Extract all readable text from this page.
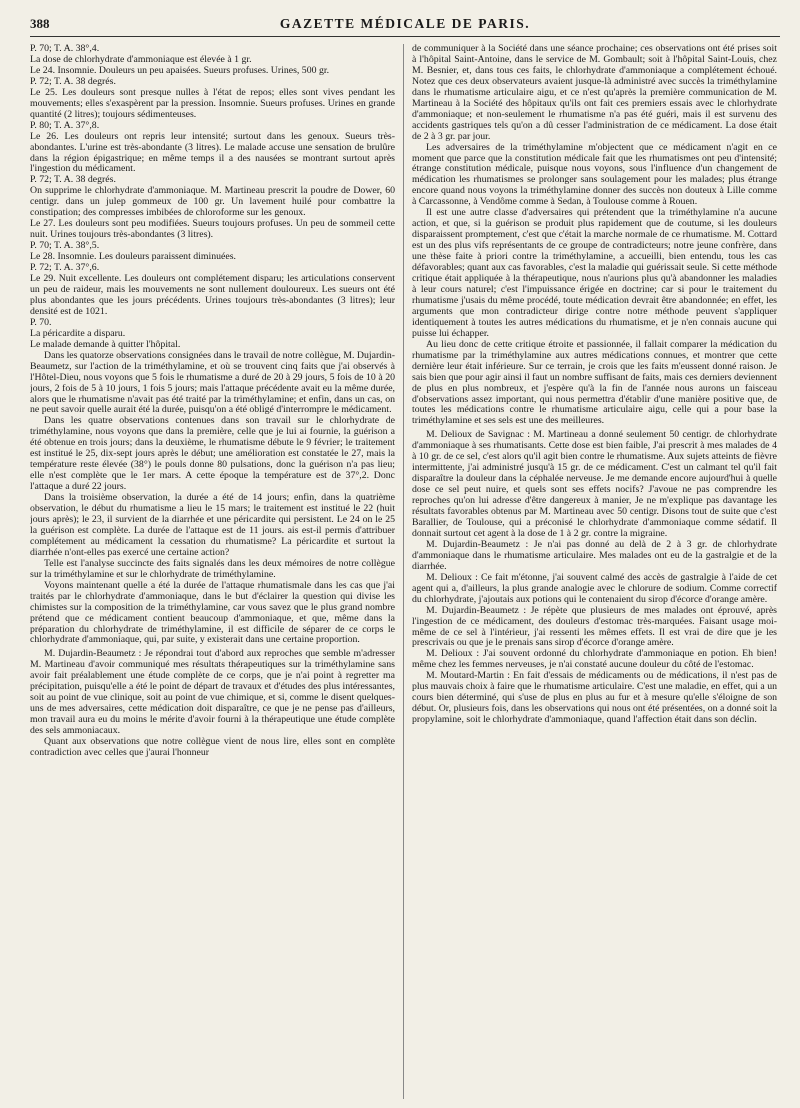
388	GAZETTE MÉDICALE DE PARIS.

P. 70; T. A. 38°,4.

La dose de chlorhydrate d'ammoniaque est élevée à 1 gr.

Le 24. Insomnie. Douleurs un peu apaisées. Sueurs profuses. Urines, 500 gr.

P. 72; T. A. 38 degrés.

Le 25. Les douleurs sont presque nulles à l'état de repos; elles sont vives pendant les mouvements; elles s'exaspèrent par la pression. Insomnie. Sueurs profuses. Urines en grande quantité (2 litres); toujours sédimenteuses.

P. 80; T. A. 37°,8.

Le 26. Les douleurs ont repris leur intensité; surtout dans les genoux. Sueurs très-abondantes. L'urine est très-abondante (3 litres). Le malade accuse une sensation de brulûre dans la région épigastrique; en même temps il a des nausées se montrant surtout après l'ingestion du médicament.

P. 72; T. A. 38 degrés.

On supprime le chlorhydrate d'ammoniaque. M. Martineau prescrit la poudre de Dower, 60 centigr. dans un julep gommeux de 100 gr. Un lavement huilé pour combattre la constipation; des compresses imbibées de chloroforme sur les genoux.

Le 27. Les douleurs sont peu modifiées. Sueurs toujours profuses. Un peu de sommeil cette nuit. Urines toujours très-abondantes (3 litres).

P. 70; T. A. 38°,5.

Le 28. Insomnie. Les douleurs paraissent diminuées.

P. 72; T. A. 37°,6.

Le 29. Nuit excellente. Les douleurs ont complétement disparu; les articulations conservent un peu de raideur, mais les mouvements ne sont nullement douloureux. Les sueurs ont été plus abondantes que les jours précédents. Urines toujours très-abondantes (3 litres); leur densité est de 1021.

P. 70.

La péricardite a disparu.

Le malade demande à quitter l'hôpital.

Dans les quatorze observations consignées dans le travail de notre collègue, M. Dujardin-Beaumetz, sur l'action de la triméthylamine, et où se trouvent cinq faits que j'ai observés à l'Hôtel-Dieu, nous voyons que 5 fois le rhumatisme a duré de 20 à 29 jours, 5 fois de 10 à 20 jours, 2 fois de 5 à 10 jours, 1 fois 5 jours; mais l'attaque précédente avait eu la même durée, alors que le rhumatisme n'avait pas été traité par la triméthylamine; et enfin, dans un cas, on ne peut savoir quelle aurait été la durée, puisqu'on a été obligé d'interrompre le médicament.

Dans les quatre observations contenues dans son travail sur le chlorhydrate de triméthylamine, nous voyons que dans la première, celle que je lui ai fournie, la guérison a été obtenue en trois jours; dans la deuxième, le rhumatisme débute le 9 février; le traitement est institué le 25, dix-sept jours après le début; une amélioration est constatée le 27, mais la température reste élevée (38°) le pouls donne 80 pulsations, donc la guérison n'a pas lieu; elle n'est complète que le 1er mars. A cette époque la température est de 37°,2. Donc l'attaque a duré 22 jours.

Dans la troisième observation, la durée a été de 14 jours; enfin, dans la quatrième observation, le début du rhumatisme a lieu le 15 mars; le traitement est institué le 22 (huit jours après); le 23, il survient de la diarrhée et une péricardite qui persistent. Le 24 on le 25 la guérison est complète. La durée de l'attaque est de 11 jours. ais est-il permis d'attribuer complétement au médicament la cessation du rhumatisme? La péricardite et surtout la diarrhée n'ont-elles pas exercé une certaine action?

Telle est l'analyse succincte des faits signalés dans les deux mémoires de notre collègue sur la triméthylamine et sur le chlorhydrate de triméthylamine.

Voyons maintenant quelle a été la durée de l'attaque rhumatismale dans les cas que j'ai traités par le chlorhydrate d'ammoniaque, dans le but d'éclairer la question qui divise les chimistes sur la composition de la triméthylamine, car vous savez que le plus grand nombre prétend que ce médicament contient beaucoup d'ammoniaque, et que, même dans la préparation du chlorhydrate de triméthylamine, il est difficile de séparer de ce corps le chlorhydrate d'ammoniaque, qui, par suite, y existerait dans une certaine proportion.

M. Dujardin-Beaumetz : Je répondrai tout d'abord aux reproches que semble m'adresser M. Martineau d'avoir communiqué mes résultats thérapeutiques sur la triméthylamine sans avoir fait préalablement une étude complète de ce corps, que je n'ai point à regretter ma précipitation, puisqu'elle a été le point de départ de travaux et d'études des plus intéressantes, soit au point de vue clinique, soit au point de vue chimique, et si, comme le disent quelques-uns de mes adversaires, cette médication doit disparaître, ce que je ne pense pas d'ailleurs, mon travail aura eu du moins le mérite d'avoir fourni à la thérapeutique une étude complète des sels ammoniacaux.

Quant aux observations que notre collègue vient de nous lire, elles sont en complète contradiction avec celles que j'aurai l'honneur

de communiquer à la Société dans une séance prochaine; ces observations ont été prises soit à l'hôpital Saint-Antoine, dans le service de M. Gombault; soit à l'hôpital Saint-Louis, chez M. Besnier, et, dans tous ces faits, le chlorhydrate d'ammoniaque a complétement échoué. Notez que ces deux observateurs avaient jusque-là administré avec succès la triméthylamine dans le rhumatisme articulaire aigu, et ce n'est qu'après la première communication de M. Martineau à la Société des hôpitaux qu'ils ont fait ces premiers essais avec le chlorhydrate d'ammoniaque; et non-seulement le rhumatisme n'a pas été guéri, mais il est survenu des accidents gastriques tels qu'on a dû cesser l'administration de ce médicament. La dose était de 2 à 3 gr. par jour.

Les adversaires de la triméthylamine m'objectent que ce médicament n'agit en ce moment que parce que la constitution médicale fait que les rhumatismes ont peu d'intensité; étrange constitution médicale, puisque nous voyons, sous l'influence d'un changement de médication les rhumatismes se prolonger sans soulagement pour les malades; plus étrange encore quand nous voyons la triméthylamine donner des succès non douteux à Lille comme à Carcassonne, à Vendôme comme à Sedan, à Toulouse comme à Rouen.

Il est une autre classe d'adversaires qui prétendent que la triméthylamine n'a aucune action, et que, si la guérison se produit plus rapidement que de coutume, si les douleurs disparaissent promptement, c'est que c'était la marche normale de ce rhumatisme. M. Cottard est un des plus vifs représentants de ce groupe de contradicteurs; notre jeune confrère, dans une thèse faite à priori contre la triméthylamine, a accueilli, bien entendu, tous les cas défavorables; quant aux cas favorables, c'est la maladie qui guérissait seule. Si cette méthode critique était appliquée à la thérapeutique, nous n'aurions plus qu'à abandonner les maladies à leur cours naturel; c'est l'impuissance érigée en doctrine; car si pour le traitement du rhumatisme j'usais du même procédé, toute médication devrait être abandonnée; en effet, les arguments que mon contradicteur dirige contre notre méthode peuvent s'appliquer identiquement à toutes les autres médications du rhumatisme, et je n'en connais aucune qui puisse lui échapper.

Au lieu donc de cette critique étroite et passionnée, il fallait comparer la médication du rhumatisme par la triméthylamine aux autres médications connues, et montrer que cette dernière leur était inférieure. Sur ce terrain, je crois que les faits m'eussent donné raison. Je sais bien que pour agir ainsi il faut un nombre suffisant de faits, mais ces derniers deviennent de plus en plus nombreux, et j'espère qu'à la fin de l'année nous aurons un faisceau d'observations assez important, qui nous permettra d'établir d'une manière positive que, de toutes les médications contre le rhumatisme articulaire aigu, celle qui a pour base la triméthylamine et ses sels est une des meilleures.

M. Delioux de Savignac : M. Martineau a donné seulement 50 centigr. de chlorhydrate d'ammoniaque à ses rhumatisants. Cette dose est bien faible, J'ai prescrit à mes malades de 4 à 10 gr. de ce sel, c'est alors qu'il agit bien contre le rhumatisme. Aux sujets atteints de fièvre intermittente, j'ai administré jusqu'à 15 gr. de ce médicament. C'est un calmant tel qu'il fait disparaître la douleur dans la céphalée nerveuse. Je me demande encore aujourd'hui à quelle dose ce sel peut nuire, et quels sont ses effets nocifs? J'avoue ne pas comprendre les reproches qu'on lui adresse d'être dangereux à manier, Je ne m'explique pas davantage les résultats favorables obtenus par M. Martineau avec 50 centigr. Disons tout de suite que c'est Barallier, de Toulouse, qui a préconisé le chlorhydrate d'ammoniaque comme sédatif. Il donnait surtout cet agent à la dose de 1 à 2 gr. contre la migraine.

M. Dujardin-Beaumetz : Je n'ai pas donné au delà de 2 à 3 gr. de chlorhydrate d'ammoniaque dans le rhumatisme articulaire. Mes malades ont eu de la gastralgie et de la diarrhée.

M. Delioux : Ce fait m'étonne, j'ai souvent calmé des accès de gastralgie à l'aide de cet agent qui a, d'ailleurs, la plus grande analogie avec le chlorure de sodium. Comme correctif du chlorhydrate, j'ajoutais aux potions qui le contenaient du sirop d'écorce d'orange amère.

M. Dujardin-Beaumetz : Je répète que plusieurs de mes malades ont éprouvé, après l'ingestion de ce médicament, des douleurs d'estomac très-marquées. Faisant usage moi-même de ce sel à l'intérieur, j'ai ressenti les mêmes effets. Il est vrai de dire que je les prescrivais ou que je le prenais sans sirop d'écorce d'orange amère.

M. Delioux : J'ai souvent ordonné du chlorhydrate d'ammoniaque en potion. Eh bien! même chez les femmes nerveuses, je n'ai constaté aucune douleur du côté de l'estomac.

M. Moutard-Martin : En fait d'essais de médicaments ou de médications, il n'est pas de plus mauvais choix à faire que le rhumatisme articulaire. C'est une maladie, en effet, qui a un cours bien déterminé, qui s'use de plus en plus au fur et à mesure qu'elle s'éloigne de son début. Or, plusieurs fois, dans les observations qui nous ont été présentées, on a donné soit la propylamine, soit le chlorhydrate d'ammoniaque, quand l'affection était dans son déclin.
